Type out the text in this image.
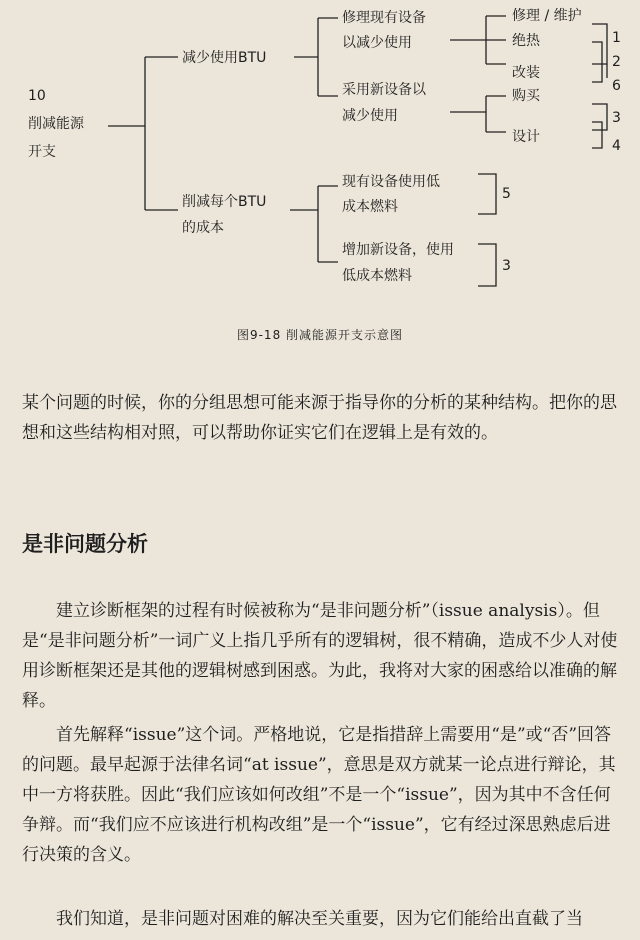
10
削减能源
开支
减少使用BTU
修理现有设备
以减少使用
修理 / 维护
绝热
改装
1
2
6
采用新设备以
减少使用
购买
设计
3
4
削减每个BTU
的成本
现有设备使用低
成本燃料
5
增加新设备，使用
低成本燃料
3
图9-18 削减能源开支示意图

某个问题的时候，你的分组思想可能来源于指导你的分析的某种结构。把你的思想和这些结构相对照，可以帮助你证实它们在逻辑上是有效的。

是非问题分析

建立诊断框架的过程有时候被称为“是非问题分析”（issue analysis）。但是“是非问题分析”一词广义上指几乎所有的逻辑树，很不精确，造成不少人对使用诊断框架还是其他的逻辑树感到困惑。为此，我将对大家的困惑给以准确的解释。

首先解释“issue”这个词。严格地说，它是指措辞上需要用“是”或“否”回答的问题。最早起源于法律名词“at issue”，意思是双方就某一论点进行辩论，其中一方将获胜。因此“我们应该如何改组”不是一个“issue”，因为其中不含任何争辩。而“我们应不应该进行机构改组”是一个“issue”，它有经过深思熟虑后进行决策的含义。

我们知道，是非问题对困难的解决至关重要，因为它们能给出直截了当
